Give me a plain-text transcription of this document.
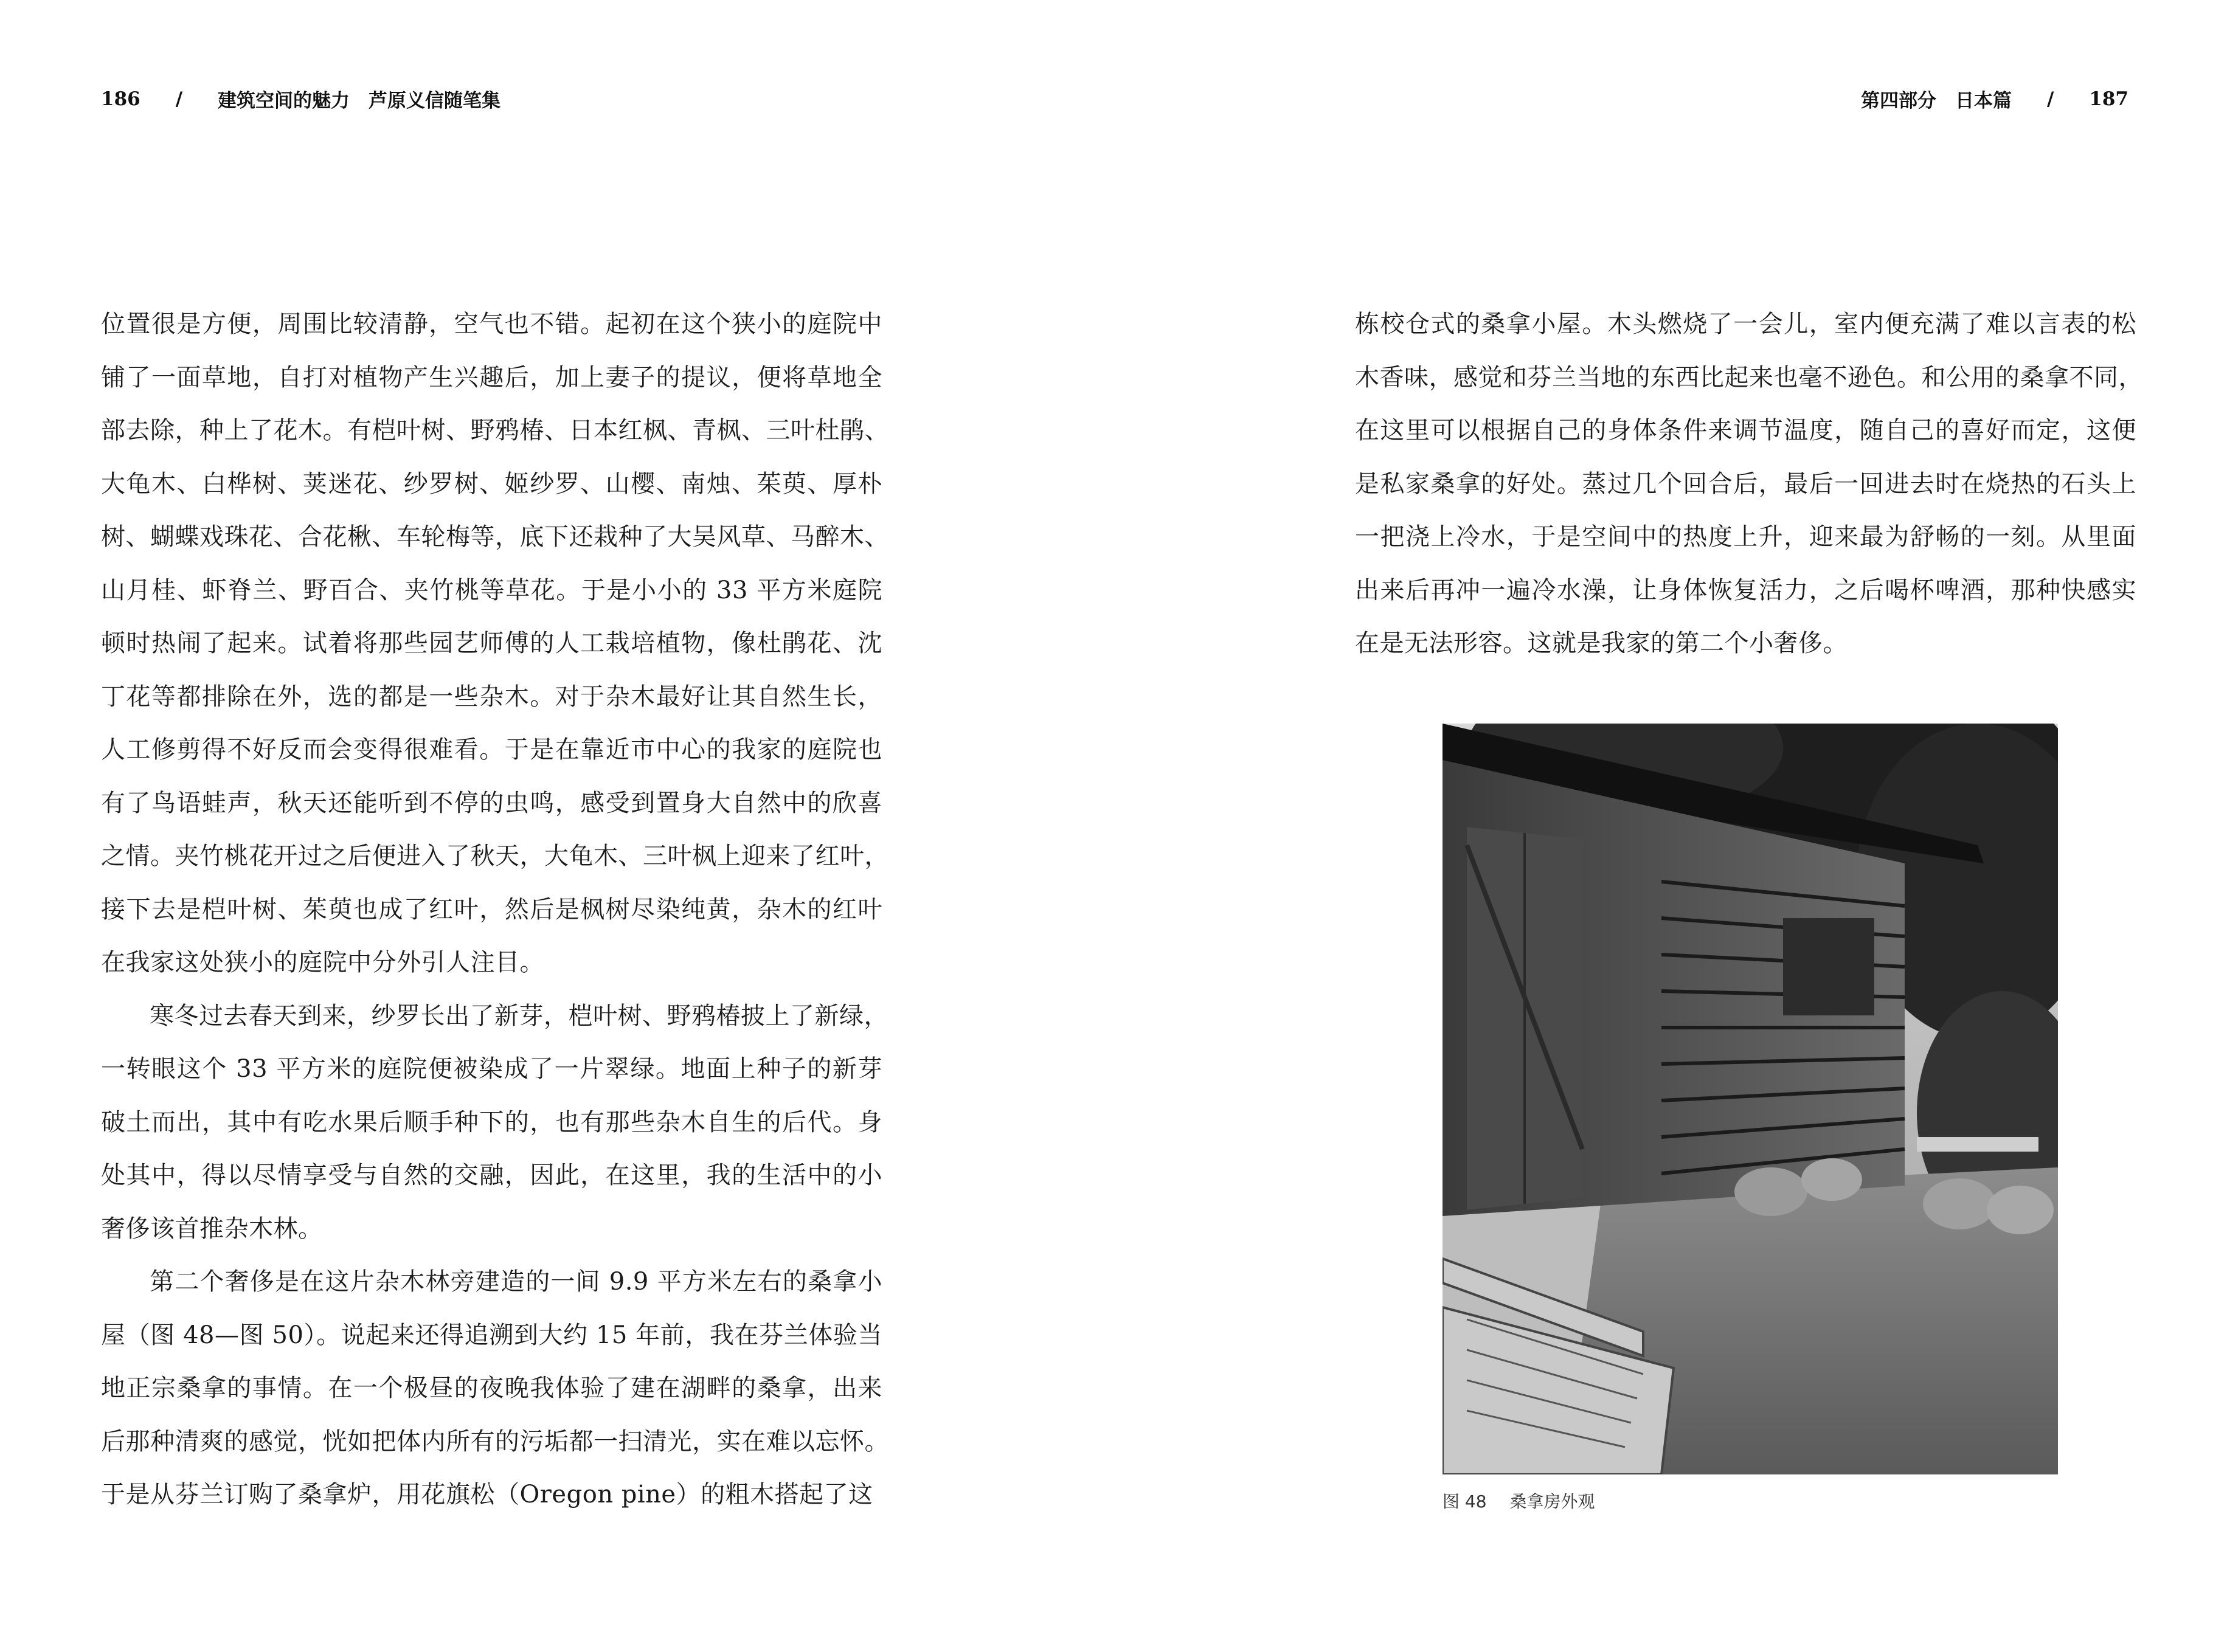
186 / 建筑空间的魅力　芦原义信随笔集
位置很是方便，周围比较清静，空气也不错。起初在这个狭小的庭院中
铺了一面草地，自打对植物产生兴趣后，加上妻子的提议，便将草地全
部去除，种上了花木。有桤叶树、野鸦椿、日本红枫、青枫、三叶杜鹃、
大龟木、白桦树、荚迷花、纱罗树、姬纱罗、山樱、南烛、茱萸、厚朴
树、蝴蝶戏珠花、合花楸、车轮梅等，底下还栽种了大吴风草、马醉木、
山月桂、虾脊兰、野百合、夹竹桃等草花。于是小小的 33 平方米庭院
顿时热闹了起来。试着将那些园艺师傅的人工栽培植物，像杜鹃花、沈
丁花等都排除在外，选的都是一些杂木。对于杂木最好让其自然生长，
人工修剪得不好反而会变得很难看。于是在靠近市中心的我家的庭院也
有了鸟语蛙声，秋天还能听到不停的虫鸣，感受到置身大自然中的欣喜
之情。夹竹桃花开过之后便进入了秋天，大龟木、三叶枫上迎来了红叶，
接下去是桤叶树、茱萸也成了红叶，然后是枫树尽染纯黄，杂木的红叶
在我家这处狭小的庭院中分外引人注目。
寒冬过去春天到来，纱罗长出了新芽，桤叶树、野鸦椿披上了新绿，
一转眼这个 33 平方米的庭院便被染成了一片翠绿。地面上种子的新芽
破土而出，其中有吃水果后顺手种下的，也有那些杂木自生的后代。身
处其中，得以尽情享受与自然的交融，因此，在这里，我的生活中的小
奢侈该首推杂木林。
第二个奢侈是在这片杂木林旁建造的一间 9.9 平方米左右的桑拿小
屋（图 48—图 50）。说起来还得追溯到大约 15 年前，我在芬兰体验当
地正宗桑拿的事情。在一个极昼的夜晚我体验了建在湖畔的桑拿，出来
后那种清爽的感觉，恍如把体内所有的污垢都一扫清光，实在难以忘怀。
于是从芬兰订购了桑拿炉，用花旗松（Oregon pine）的粗木搭起了这
第四部分　日本篇 / 187
栋校仓式的桑拿小屋。木头燃烧了一会儿，室内便充满了难以言表的松
木香味，感觉和芬兰当地的东西比起来也毫不逊色。和公用的桑拿不同，
在这里可以根据自己的身体条件来调节温度，随自己的喜好而定，这便
是私家桑拿的好处。蒸过几个回合后，最后一回进去时在烧热的石头上
一把浇上冷水，于是空间中的热度上升，迎来最为舒畅的一刻。从里面
出来后再冲一遍冷水澡，让身体恢复活力，之后喝杯啤酒，那种快感实
在是无法形容。这就是我家的第二个小奢侈。
图 48 桑拿房外观
